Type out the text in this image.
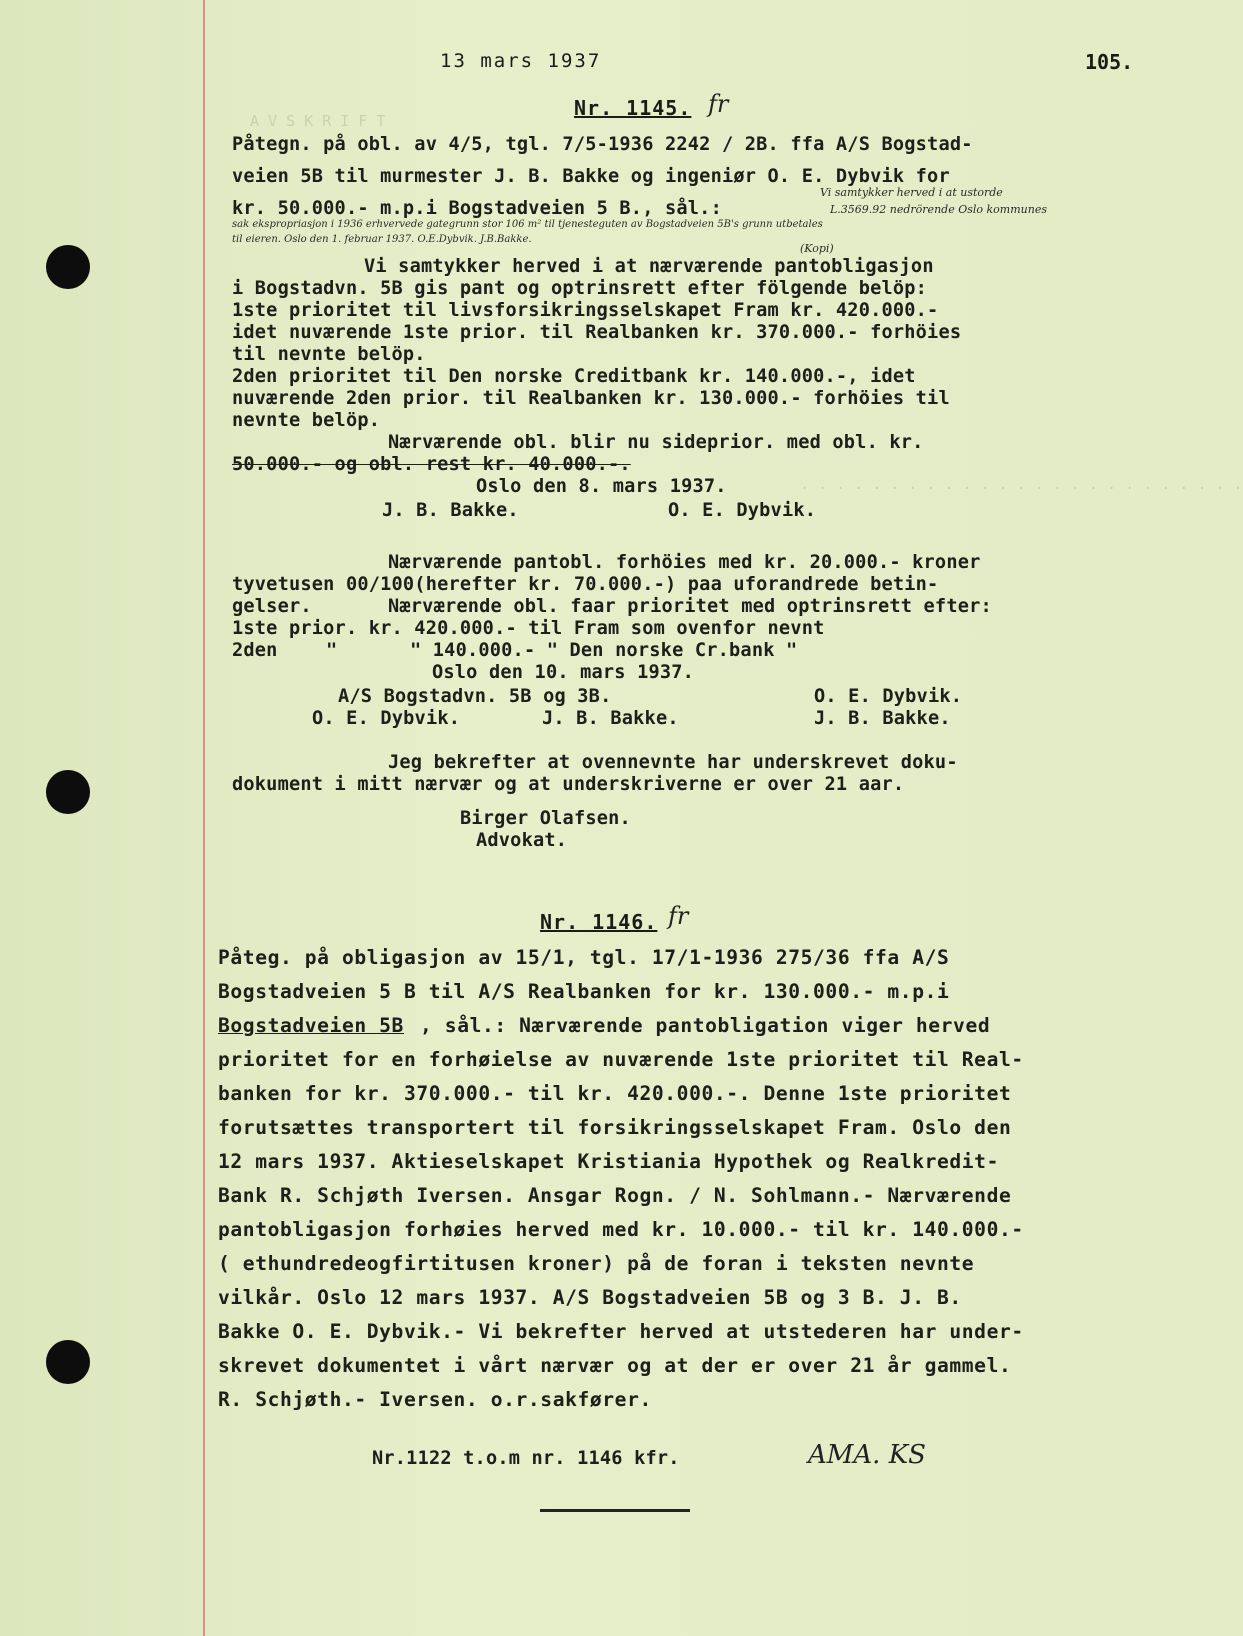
A V S K R I F T
. . . . . . . . . . . . . . . . . . . . . . . . .
13 mars 1937	105.
Nr. 1145. fr
Påtegn. på obl. av 4/5, tgl. 7/5-1936 2242 / 2B. ffa A/S Bogstad-
veien 5B til murmester J. B. Bakke og ingeniør O. E. Dybvik for
kr. 50.000.- m.p.i Bogstadveien 5 B., sål.:
Vi samtykker herved i at ustorde
L.3569.92 nedrörende Oslo kommunes
sak ekspropriasjon i 1936 erhvervede gategrunn stor 106 m² til tjenesteguten av Bogstadveien 5B's grunn utbetales
til eieren. Oslo den 1. februar 1937. O.E.Dybvik. J.B.Bakke.
(Kopi)
Vi samtykker herved i at nærværende pantobligasjon
i Bogstadvn. 5B gis pant og optrinsrett efter fölgende belöp:
1ste prioritet til livsforsikringsselskapet Fram kr. 420.000.-
idet nuværende 1ste prior. til Realbanken kr. 370.000.- forhöies
til nevnte belöp.
2den prioritet til Den norske Creditbank kr. 140.000.-, idet
nuværende 2den prior. til Realbanken kr. 130.000.- forhöies til
nevnte belöp.
Nærværende obl. blir nu sideprior. med obl. kr.
50.000.- og obl. rest kr. 40.000.-.
Oslo den 8. mars 1937.
J. B. Bakke.	O. E. Dybvik.
Nærværende pantobl. forhöies med kr. 20.000.- kroner
tyvetusen 00/100(herefter kr. 70.000.-) paa uforandrede betin-
gelser.	Nærværende obl. faar prioritet med optrinsrett efter:
1ste prior. kr. 420.000.- til Fram som ovenfor nevnt
2den	"	" 140.000.- " Den norske Cr.bank "
Oslo den 10. mars 1937.
A/S Bogstadvn. 5B og 3B.	O. E. Dybvik.
O. E. Dybvik.	J. B. Bakke.	J. B. Bakke.
Jeg bekrefter at ovennevnte har underskrevet doku-
dokument i mitt nærvær og at underskriverne er over 21 aar.
Birger Olafsen.
Advokat.
Nr. 1146. fr
Påteg. på obligasjon av 15/1, tgl. 17/1-1936 275/36 ffa A/S
Bogstadveien 5 B til A/S Realbanken for kr. 130.000.- m.p.i
Bogstadveien 5B , sål.: Nærværende pantobligation viger herved
prioritet for en forhøielse av nuværende 1ste prioritet til Real-
banken for kr. 370.000.- til kr. 420.000.-. Denne 1ste prioritet
forutsættes transportert til forsikringsselskapet Fram. Oslo den
12 mars 1937. Aktieselskapet Kristiania Hypothek og Realkredit-
Bank R. Schjøth Iversen. Ansgar Rogn. / N. Sohlmann.- Nærværende
pantobligasjon forhøies herved med kr. 10.000.- til kr. 140.000.-
( ethundredeogfirtitusen kroner) på de foran i teksten nevnte
vilkår. Oslo 12 mars 1937. A/S Bogstadveien 5B og 3 B. J. B.
Bakke O. E. Dybvik.- Vi bekrefter herved at utstederen har under-
skrevet dokumentet i vårt nærvær og at der er over 21 år gammel.
R. Schjøth.- Iversen. o.r.sakfører.
Nr.1122 t.o.m nr. 1146 kfr.	AMA. KS
